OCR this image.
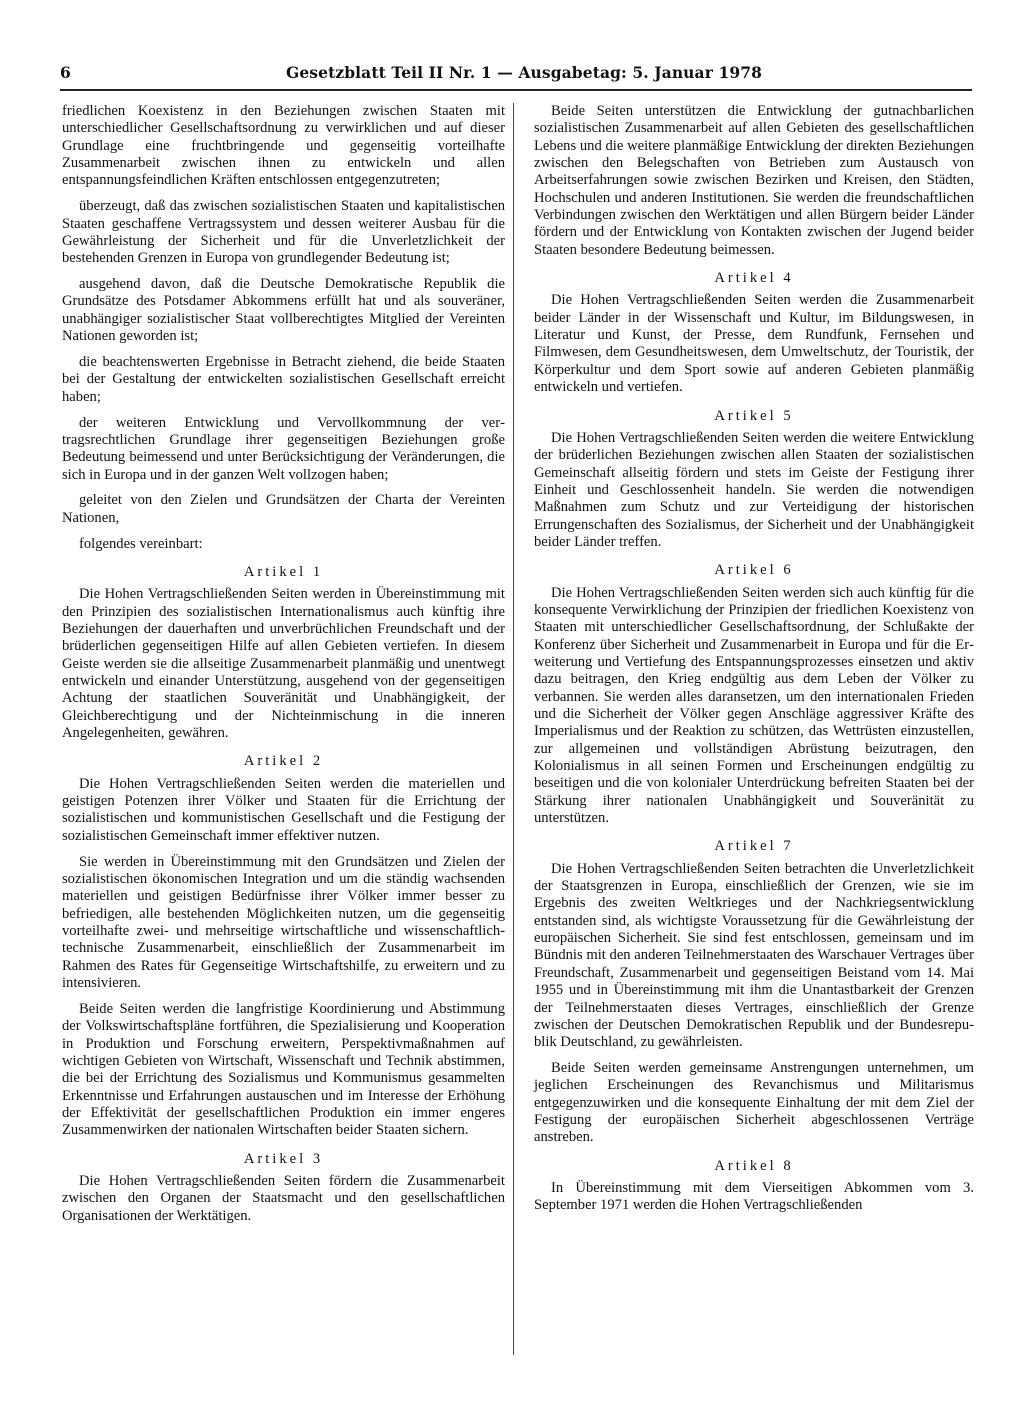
6	Gesetzblatt Teil II Nr. 1 — Ausgabetag: 5. Januar 1978

friedlichen Koexistenz in den Beziehungen zwischen Staaten mit unterschiedlicher Gesellschaftsordnung zu verwirklichen und auf dieser Grundlage eine fruchtbringende und gegenseitig vorteilhafte Zusammenarbeit zwischen ihnen zu entwickeln und allen entspannungsfeindlichen Kräften entschlossen entgegenzutreten;

überzeugt, daß das zwischen sozialistischen Staaten und kapitalistischen Staaten geschaffene Vertragssystem und dessen weiterer Ausbau für die Gewährleistung der Sicherheit und für die Unverletzlichkeit der bestehenden Grenzen in Europa von grundlegender Bedeutung ist;

ausgehend davon, daß die Deutsche Demokratische Republik die Grundsätze des Potsdamer Abkommens erfüllt hat und als souveräner, unabhängiger sozialistischer Staat vollberechtigtes Mitglied der Vereinten Nationen geworden ist;

die beachtenswerten Ergebnisse in Betracht ziehend, die beide Staaten bei der Gestaltung der entwickelten sozialistischen Gesellschaft erreicht haben;

der weiteren Entwicklung und Vervollkommnung der vertragsrechtlichen Grundlage ihrer gegenseitigen Beziehungen große Bedeutung beimessend und unter Berücksichtigung der Veränderungen, die sich in Europa und in der ganzen Welt vollzogen haben;

geleitet von den Zielen und Grundsätzen der Charta der Vereinten Nationen,

folgendes vereinbart:

Artikel 1

Die Hohen Vertragschließenden Seiten werden in Übereinstimmung mit den Prinzipien des sozialistischen Internationalismus auch künftig ihre Beziehungen der dauerhaften und unverbrüchlichen Freundschaft und der brüderlichen gegenseitigen Hilfe auf allen Gebieten vertiefen. In diesem Geiste werden sie die allseitige Zusammenarbeit planmäßig und unentwegt entwickeln und einander Unterstützung, ausgehend von der gegenseitigen Achtung der staatlichen Souveränität und Unabhängigkeit, der Gleichberechtigung und der Nichteinmischung in die inneren Angelegenheiten, gewähren.

Artikel 2

Die Hohen Vertragschließenden Seiten werden die materiellen und geistigen Potenzen ihrer Völker und Staaten für die Errichtung der sozialistischen und kommunistischen Gesellschaft und die Festigung der sozialistischen Gemeinschaft immer effektiver nutzen.

Sie werden in Übereinstimmung mit den Grundsätzen und Zielen der sozialistischen ökonomischen Integration und um die ständig wachsenden materiellen und geistigen Bedürfnisse ihrer Völker immer besser zu befriedigen, alle bestehenden Möglichkeiten nutzen, um die gegenseitig vorteilhafte zwei- und mehrseitige wirtschaftliche und wissenschaftlich-technische Zusammenarbeit, einschließlich der Zusammenarbeit im Rahmen des Rates für Gegenseitige Wirtschaftshilfe, zu erweitern und zu intensivieren.

Beide Seiten werden die langfristige Koordinierung und Abstimmung der Volkswirtschaftspläne fortführen, die Spezialisierung und Kooperation in Produktion und Forschung erweitern, Perspektivmaßnahmen auf wichtigen Gebieten von Wirtschaft, Wissenschaft und Technik abstimmen, die bei der Errichtung des Sozialismus und Kommunismus gesammelten Erkenntnisse und Erfahrungen austauschen und im Interesse der Erhöhung der Effektivität der gesellschaftlichen Produktion ein immer engeres Zusammenwirken der nationalen Wirtschaften beider Staaten sichern.

Artikel 3

Die Hohen Vertragschließenden Seiten fördern die Zusammenarbeit zwischen den Organen der Staatsmacht und den gesellschaftlichen Organisationen der Werktätigen.

Beide Seiten unterstützen die Entwicklung der gutnachbarlichen sozialistischen Zusammenarbeit auf allen Gebieten des gesellschaftlichen Lebens und die weitere planmäßige Entwicklung der direkten Beziehungen zwischen den Belegschaften von Betrieben zum Austausch von Arbeitserfahrungen sowie zwischen Bezirken und Kreisen, den Städten, Hochschulen und anderen Institutionen. Sie werden die freundschaftlichen Verbindungen zwischen den Werktätigen und allen Bürgern beider Länder fördern und der Entwicklung von Kontakten zwischen der Jugend beider Staaten besondere Bedeutung beimessen.

Artikel 4

Die Hohen Vertragschließenden Seiten werden die Zusammenarbeit beider Länder in der Wissenschaft und Kultur, im Bildungswesen, in Literatur und Kunst, der Presse, dem Rundfunk, Fernsehen und Filmwesen, dem Gesundheitswesen, dem Umweltschutz, der Touristik, der Körperkultur und dem Sport sowie auf anderen Gebieten planmäßig entwickeln und vertiefen.

Artikel 5

Die Hohen Vertragschließenden Seiten werden die weitere Entwicklung der brüderlichen Beziehungen zwischen allen Staaten der sozialistischen Gemeinschaft allseitig fördern und stets im Geiste der Festigung ihrer Einheit und Geschlossenheit handeln. Sie werden die notwendigen Maßnahmen zum Schutz und zur Verteidigung der historischen Errungenschaften des Sozialismus, der Sicherheit und der Unabhängigkeit beider Länder treffen.

Artikel 6

Die Hohen Vertragschließenden Seiten werden sich auch künftig für die konsequente Verwirklichung der Prinzipien der friedlichen Koexistenz von Staaten mit unterschiedlicher Gesellschaftsordnung, der Schlußakte der Konferenz über Sicherheit und Zusammenarbeit in Europa und für die Erweiterung und Vertiefung des Entspannungsprozesses einsetzen und aktiv dazu beitragen, den Krieg endgültig aus dem Leben der Völker zu verbannen. Sie werden alles daransetzen, um den internationalen Frieden und die Sicherheit der Völker gegen Anschläge aggressiver Kräfte des Imperialismus und der Reaktion zu schützen, das Wettrüsten einzustellen, zur allgemeinen und vollständigen Abrüstung beizutragen, den Kolonialismus in all seinen Formen und Erscheinungen endgültig zu beseitigen und die von kolonialer Unterdrückung befreiten Staaten bei der Stärkung ihrer nationalen Unabhängigkeit und Souveränität zu unterstützen.

Artikel 7

Die Hohen Vertragschließenden Seiten betrachten die Unverletzlichkeit der Staatsgrenzen in Europa, einschließlich der Grenzen, wie sie im Ergebnis des zweiten Weltkrieges und der Nachkriegsentwicklung entstanden sind, als wichtigste Voraussetzung für die Gewährleistung der europäischen Sicherheit. Sie sind fest entschlossen, gemeinsam und im Bündnis mit den anderen Teilnehmerstaaten des Warschauer Vertrages über Freundschaft, Zusammenarbeit und gegenseitigen Beistand vom 14. Mai 1955 und in Übereinstimmung mit ihm die Unantastbarkeit der Grenzen der Teilnehmerstaaten dieses Vertrages, einschließlich der Grenze zwischen der Deutschen Demokratischen Republik und der Bundesrepublik Deutschland, zu gewährleisten.

Beide Seiten werden gemeinsame Anstrengungen unternehmen, um jeglichen Erscheinungen des Revanchismus und Militarismus entgegenzuwirken und die konsequente Einhaltung der mit dem Ziel der Festigung der europäischen Sicherheit abgeschlossenen Verträge anstreben.

Artikel 8

In Übereinstimmung mit dem Vierseitigen Abkommen vom 3. September 1971 werden die Hohen Vertragschließenden
